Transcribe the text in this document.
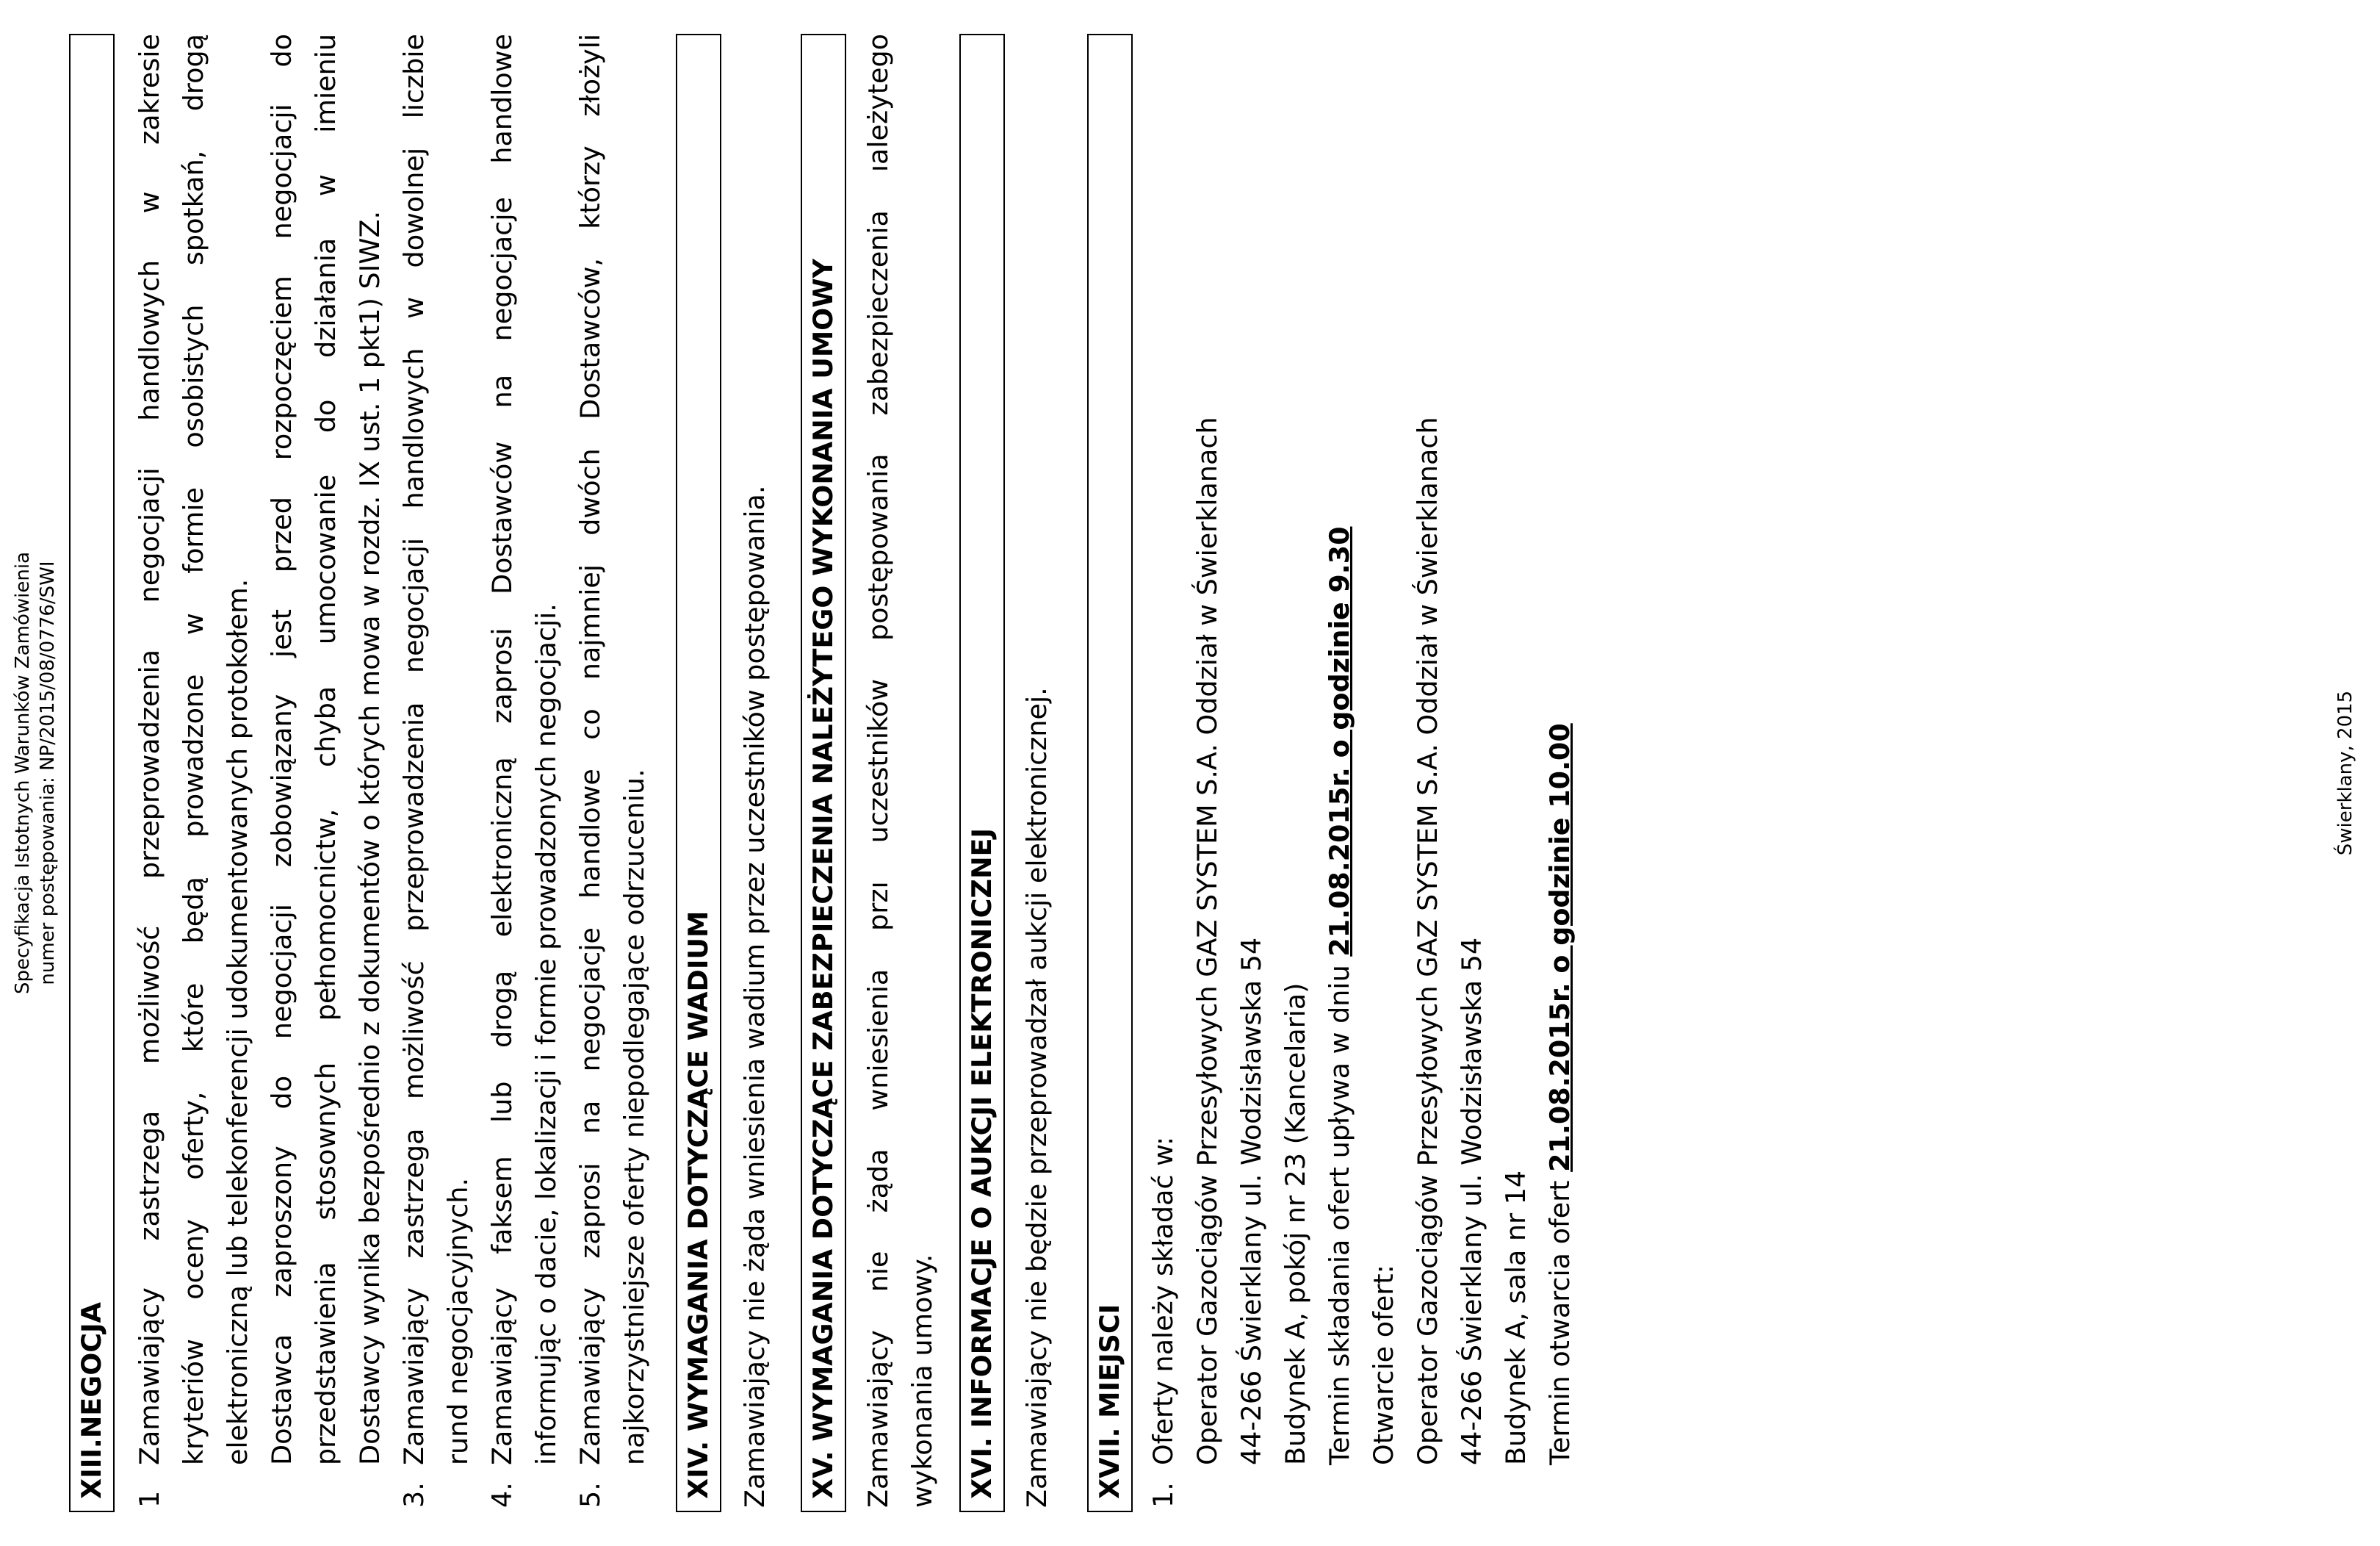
Specyfikacja Istotnych Warunków Zamówienia numer postępowania: NP/2015/08/0776/SWI
XIII.NEGOCJA
1
Zamawiający zastrzega możliwość przeprowadzenia negocjacji handlowych w zakresie kryteriów oceny oferty, które będą prowadzone w formie osobistych spotkań, drogą elektroniczną lub telekonferencji udokumentowanych protokołem. Dostawca zaproszony do negocjacji zobowiązany jest przed rozpoczęciem negocjacji do przedstawienia stosownych pełnomocnictw, chyba umocowanie do działania w imieniu Dostawcy wynika bezpośrednio z dokumentów o których mowa w rozdz. IX ust. 1 pkt1) SIWZ.
3.
Zamawiający zastrzega możliwość przeprowadzenia negocjacji handlowych w dowolnej liczbie rund negocjacyjnych.
4.
Zamawiający faksem lub drogą elektroniczną zaprosi Dostawców na negocjacje handlowe informując o dacie, lokalizacji i formie prowadzonych negocjacji.
5.
Zamawiający zaprosi na negocjacje handlowe co najmniej dwóch Dostawców, którzy złożyli najkorzystniejsze oferty niepodlegające odrzuceniu. XIV. WYMAGANIA DOTYCZĄCE WADIUM Zamawiający nie żąda wniesienia wadium przez uczestników postępowania. XV. WYMAGANIA DOTYCZĄCE ZABEZPIECZENIA NALEŻYTEGO WYKONANIA UMOWY Zamawiający nie żąda wniesienia przı uczestników postępowania zabezpieczenia ıależytego wykonania umowy. XVI. INFORMACJE O AUKCJI ELEKTRONICZNEJ Zamawiający nie będzie przeprowadzał aukcji elektronicznej. XVII. MIEJSCI 1.
Oferty należy składać w: Operator Gazociągów Przesyłowych GAZ SYSTEM S.A. Oddział w Świerklanach 44-266 Świerklany ul. Wodzisławska 54 Budynek A, pokój nr 23 (Kancelaria) Termin składania ofert upływa w dniu 21.08.2015r. o godzinie 9.30
Otwarcie ofert: Operator Gazociągów Przesyłowych GAZ SYSTEM S.A. Oddział w Świerklanach 44-266 Świerklany ul. Wodzisławska 54 Budynek A, sala nr 14 Termin otwarcia ofert 21.08.2015r. o godzinie 10.00	Świerklany, 2015
